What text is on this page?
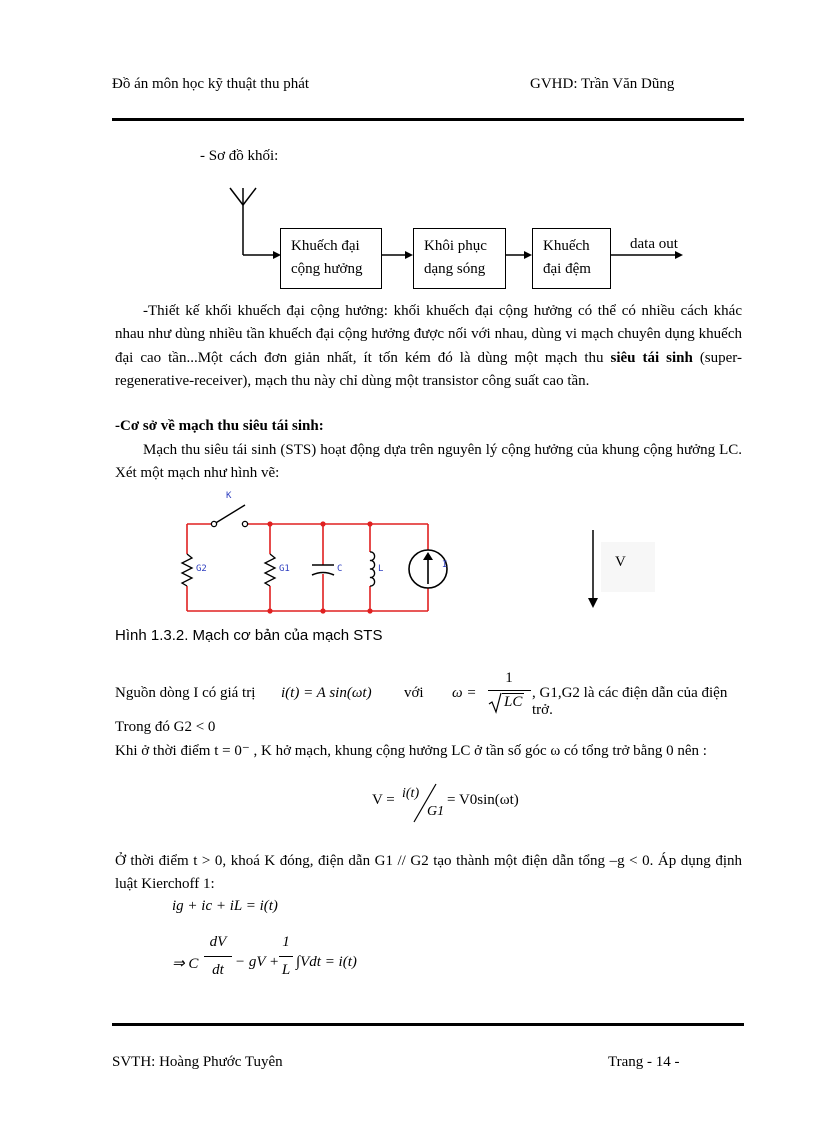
Đồ án môn học kỹ thuật thu phát	GVHD: Trần Văn Dũng
- Sơ đồ khối:
Khuếch đại
cộng hưởng
Khôi phục
dạng sóng
Khuếch
đại đệm
data out
-Thiết kế khối khuếch đại cộng hưởng: khối khuếch đại cộng hưởng có thể có nhiều cách khác nhau như dùng nhiều tần khuếch đại cộng hưởng được nối với nhau, dùng vi mạch chuyên dụng khuếch đại cao tần...Một cách đơn giản nhất, ít tốn kém đó là dùng một mạch thu siêu tái sinh (super-regenerative-receiver), mạch thu này chỉ dùng một transistor công suất cao tần.
-Cơ sở về mạch thu siêu tái sinh:
Mạch thu siêu tái sinh (STS) hoạt động dựa trên nguyên lý cộng hưởng của khung cộng hưởng LC. Xét một mạch như hình vẽ:
K
G2	G1	C	L	I	V
Hình 1.3.2. Mạch cơ bản của mạch STS
Nguồn dòng I có giá trị i(t) = A sin(ωt) với ω =
1
LC
, G1,G2 là các điện dẫn của điện trở.
Trong đó G2 < 0
Khi ở thời điểm t = 0⁻ , K hở mạch, khung cộng hưởng LC ở tần số góc ω có tổng trở bằng 0 nên :
V = i(t)
G1
= V0sin(ωt)
Ở thời điểm t > 0, khoá K đóng, điện dẫn G1 // G2 tạo thành một điện dẫn tổng –g < 0. Áp dụng định luật Kierchoff 1:
ig + ic + iL = i(t)
⇒ C
dV
dt − gV +
1
L ∫Vdt = i(t)
SVTH: Hoàng Phước Tuyên	Trang - 14 -
